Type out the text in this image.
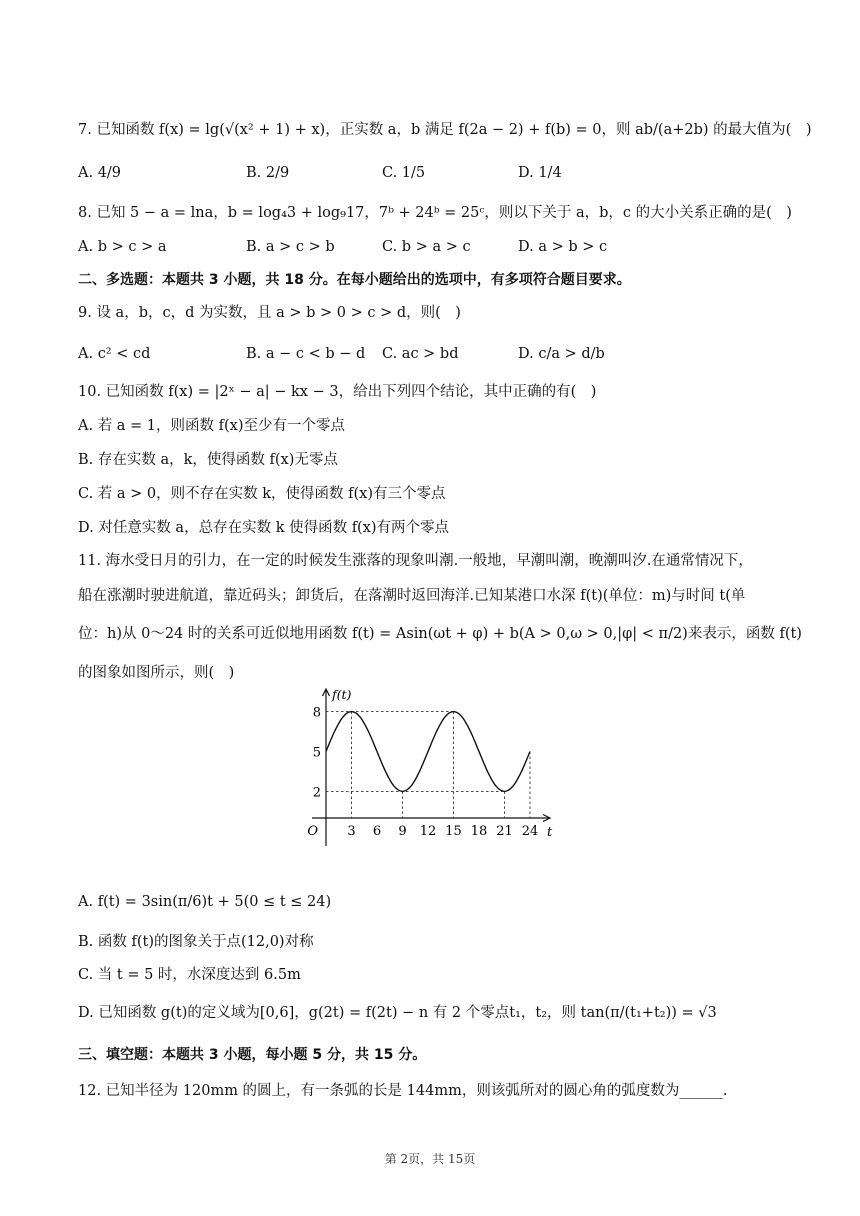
7. 已知函数 f(x) = lg(√(x² + 1) + x)，正实数 a，b 满足 f(2a − 2) + f(b) = 0，则 ab/(a+2b) 的最大值为(　)
A. 4/9	B. 2/9	C. 1/5	D. 1/4
8. 已知 5 − a = lna，b = log₄3 + log₉17，7ᵇ + 24ᵇ = 25ᶜ，则以下关于 a，b，c 的大小关系正确的是(　)
A. b > c > a	B. a > c > b	C. b > a > c	D. a > b > c
二、多选题：本题共 3 小题，共 18 分。在每小题给出的选项中，有多项符合题目要求。
9. 设 a，b，c，d 为实数，且 a > b > 0 > c > d，则(　)
A. c² < cd	B. a − c < b − d C. ac > bd	D. c/a > d/b
10. 已知函数 f(x) = |2ˣ − a| − kx − 3，给出下列四个结论，其中正确的有(　)
A. 若 a = 1，则函数 f(x)至少有一个零点
B. 存在实数 a，k，使得函数 f(x)无零点
C. 若 a > 0，则不存在实数 k，使得函数 f(x)有三个零点
D. 对任意实数 a，总存在实数 k 使得函数 f(x)有两个零点
11. 海水受日月的引力，在一定的时候发生涨落的现象叫潮.一般地，早潮叫潮，晚潮叫汐.在通常情况下，
船在涨潮时驶进航道，靠近码头；卸货后，在落潮时返回海洋.已知某港口水深 f(t)(单位：m)与时间 t(单
位：h)从 0～24 时的关系可近似地用函数 f(t) = Asin(ωt + φ) + b(A > 0,ω > 0,|φ| < π/2)来表示，函数 f(t)
的图象如图所示，则(　)
3 6 9 12 15 18 21 24
2
5
8
O
f(t)
t
A. f(t) = 3sin(π/6)t + 5(0 ≤ t ≤ 24)
B. 函数 f(t)的图象关于点(12,0)对称
C. 当 t = 5 时，水深度达到 6.5m
D. 已知函数 g(t)的定义域为[0,6]，g(2t) = f(2t) − n 有 2 个零点t₁，t₂，则 tan(π/(t₁+t₂)) = √3
三、填空题：本题共 3 小题，每小题 5 分，共 15 分。
12. 已知半径为 120mm 的圆上，有一条弧的长是 144mm，则该弧所对的圆心角的弧度数为______.
第 2页，共 15页
